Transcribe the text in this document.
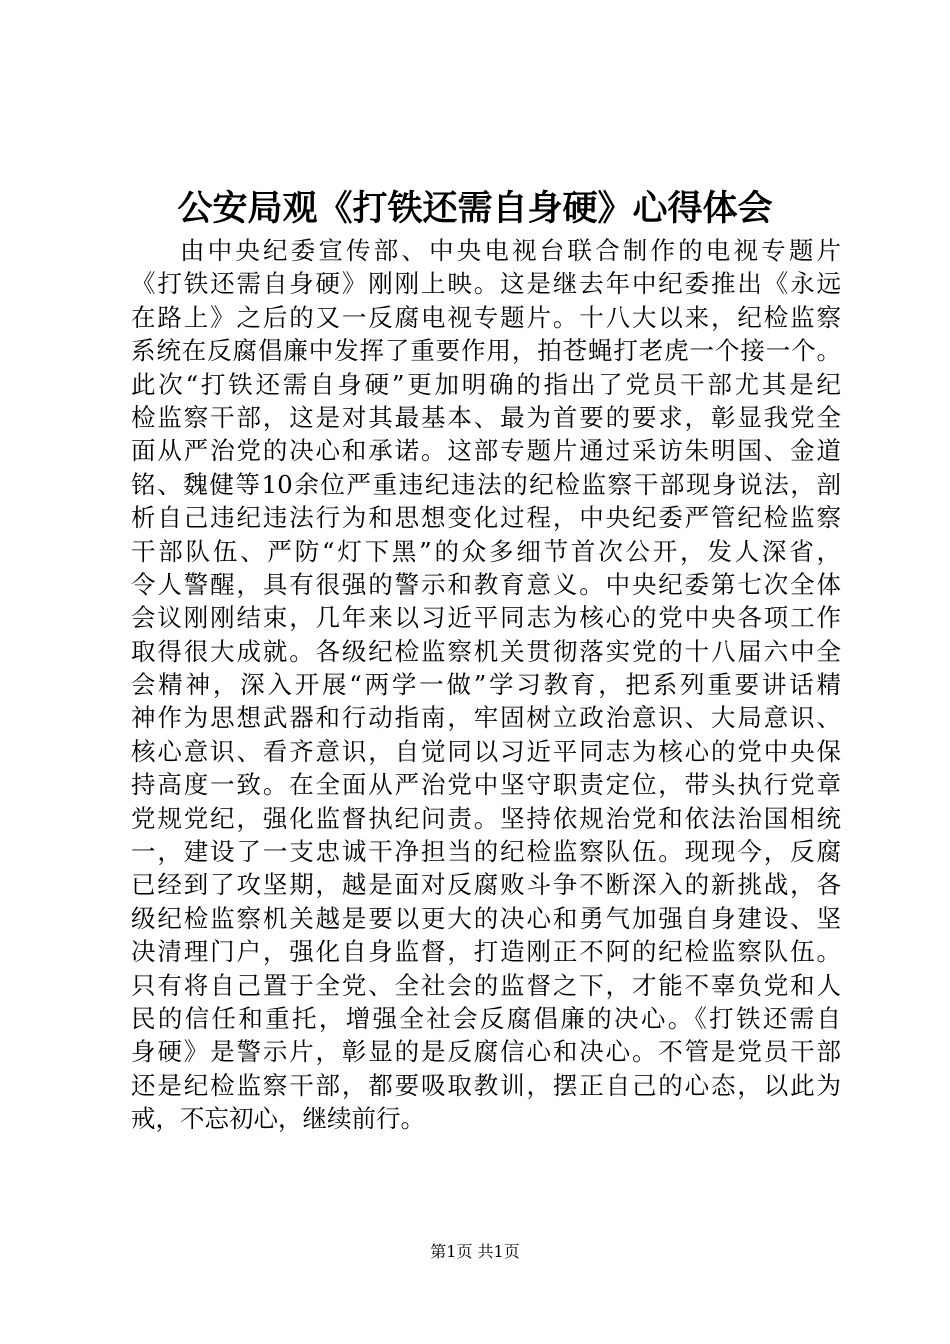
公安局观《打铁还需自身硬》心得体会
由中央纪委宣传部、中央电视台联合制作的电视专题片
《打铁还需自身硬》刚刚上映。这是继去年中纪委推出《永远
在路上》之后的又一反腐电视专题片。十八大以来，纪检监察
系统在反腐倡廉中发挥了重要作用，拍苍蝇打老虎一个接一个。
此次“打铁还需自身硬”更加明确的指出了党员干部尤其是纪
检监察干部，这是对其最基本、最为首要的要求，彰显我党全
面从严治党的决心和承诺。这部专题片通过采访朱明国、金道
铭、魏健等10余位严重违纪违法的纪检监察干部现身说法，剖
析自己违纪违法行为和思想变化过程，中央纪委严管纪检监察
干部队伍、严防“灯下黑”的众多细节首次公开，发人深省，
令人警醒，具有很强的警示和教育意义。中央纪委第七次全体
会议刚刚结束，几年来以习近平同志为核心的党中央各项工作
取得很大成就。各级纪检监察机关贯彻落实党的十八届六中全
会精神，深入开展“两学一做”学习教育，把系列重要讲话精
神作为思想武器和行动指南，牢固树立政治意识、大局意识、
核心意识、看齐意识，自觉同以习近平同志为核心的党中央保
持高度一致。在全面从严治党中坚守职责定位，带头执行党章
党规党纪，强化监督执纪问责。坚持依规治党和依法治国相统
一，建设了一支忠诚干净担当的纪检监察队伍。现现今，反腐
已经到了攻坚期，越是面对反腐败斗争不断深入的新挑战，各
级纪检监察机关越是要以更大的决心和勇气加强自身建设、坚
决清理门户，强化自身监督，打造刚正不阿的纪检监察队伍。
只有将自己置于全党、全社会的监督之下，才能不辜负党和人
民的信任和重托，增强全社会反腐倡廉的决心。《打铁还需自
身硬》是警示片，彰显的是反腐信心和决心。不管是党员干部
还是纪检监察干部，都要吸取教训，摆正自己的心态，以此为
戒，不忘初心，继续前行。
第1页 共1页
